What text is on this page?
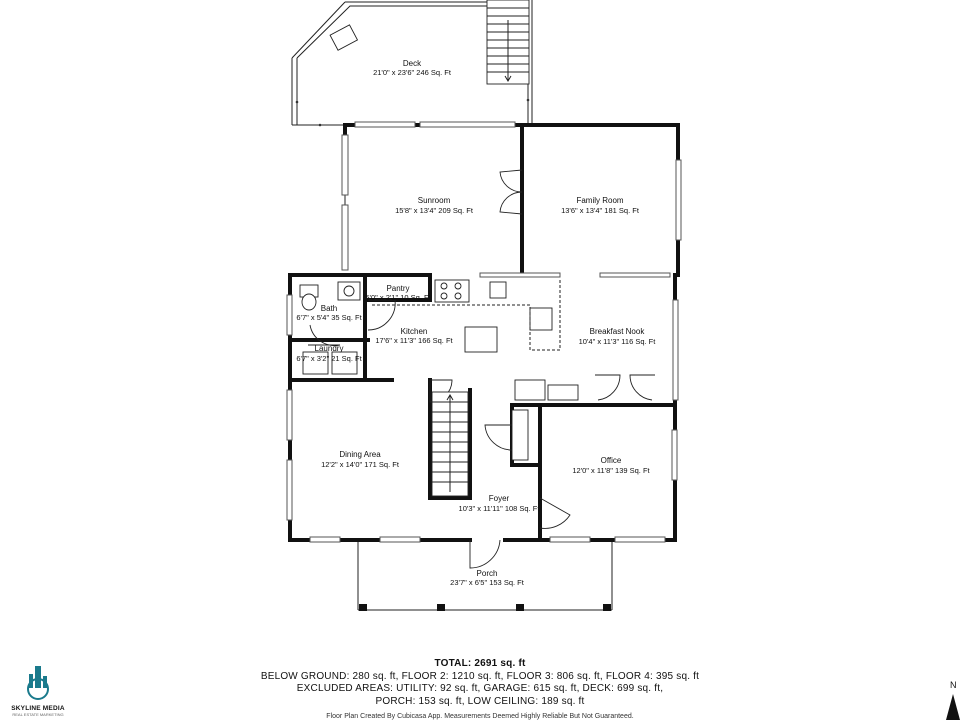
Deck
21'0" x 23'6" 246 Sq. Ft
Sunroom
15'8" x 13'4" 209 Sq. Ft
Family Room
13'6" x 13'4" 181 Sq. Ft
Pantry
5'0" x 2'1" 10 Sq. Ft
Bath
6'7" x 5'4" 35 Sq. Ft
Kitchen
17'6" x 11'3" 166 Sq. Ft
Breakfast Nook
10'4" x 11'3" 116 Sq. Ft
Laundry
6'7" x 3'2" 21 Sq. Ft
Dining Area
12'2" x 14'0" 171 Sq. Ft	Office
12'0" x 11'8" 139 Sq. Ft
Foyer
10'3" x 11'11" 108 Sq. Ft
Porch
23'7" x 6'5" 153 Sq. Ft
SKYLINE MEDIA
REAL ESTATE MARKETING
TOTAL: 2691 sq. ft
BELOW GROUND: 280 sq. ft, FLOOR 2: 1210 sq. ft, FLOOR 3: 806 sq. ft, FLOOR 4: 395 sq. ft
EXCLUDED AREAS: UTILITY: 92 sq. ft, GARAGE: 615 sq. ft, DECK: 699 sq. ft,
PORCH: 153 sq. ft, LOW CEILING: 189 sq. ft
Floor Plan Created By Cubicasa App. Measurements Deemed Highly Reliable But Not Guaranteed.
N
